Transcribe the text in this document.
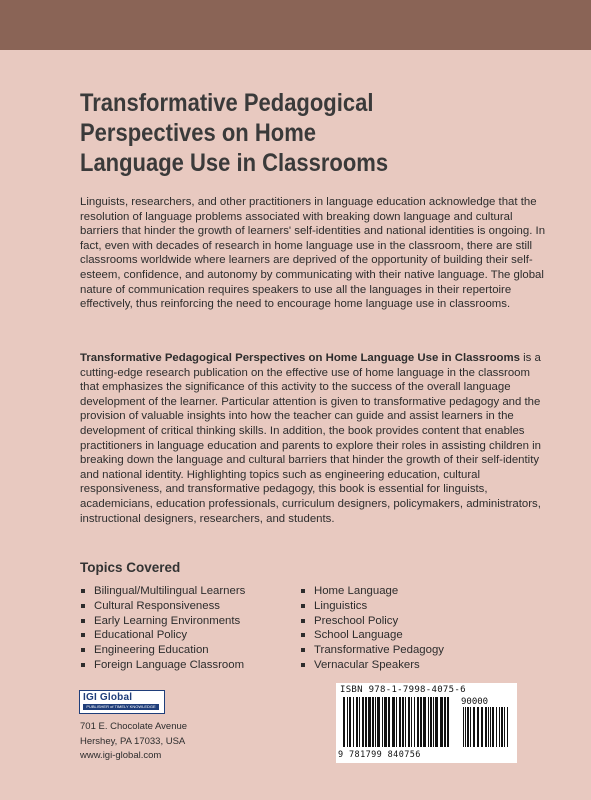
Transformative Pedagogical
Perspectives on Home
Language Use in Classrooms
Linguists, researchers, and other practitioners in language education acknowledge that the resolution of language problems associated with breaking down language and cultural barriers that hinder the growth of learners' self-identities and national identities is ongoing. In fact, even with decades of research in home language use in the classroom, there are still classrooms worldwide where learners are deprived of the opportunity of building their self-esteem, confidence, and autonomy by communicating with their native language. The global nature of communication requires speakers to use all the languages in their repertoire effectively, thus reinforcing the need to encourage home language use in classrooms.
Transformative Pedagogical Perspectives on Home Language Use in Classrooms is a cutting-edge research publication on the effective use of home language in the classroom that emphasizes the significance of this activity to the success of the overall language development of the learner. Particular attention is given to transformative pedagogy and the provision of valuable insights into how the teacher can guide and assist learners in the development of critical thinking skills. In addition, the book provides content that enables practitioners in language education and parents to explore their roles in assisting children in breaking down the language and cultural barriers that hinder the growth of their self-identity and national identity. Highlighting topics such as engineering education, cultural responsiveness, and transformative pedagogy, this book is essential for linguists, academicians, education professionals, curriculum designers, policymakers, administrators, instructional designers, researchers, and students.
Topics Covered
Bilingual/Multilingual Learners
Cultural Responsiveness
Early Learning Environments
Educational Policy
Engineering Education
Foreign Language Classroom
Home Language
Linguistics
Preschool Policy
School Language
Transformative Pedagogy
Vernacular Speakers
IGI Global
PUBLISHER of TIMELY KNOWLEDGE
701 E. Chocolate Avenue
Hershey, PA 17033, USA
www.igi-global.com
ISBN 978-1-7998-4075-6
90000
9 781799 840756
